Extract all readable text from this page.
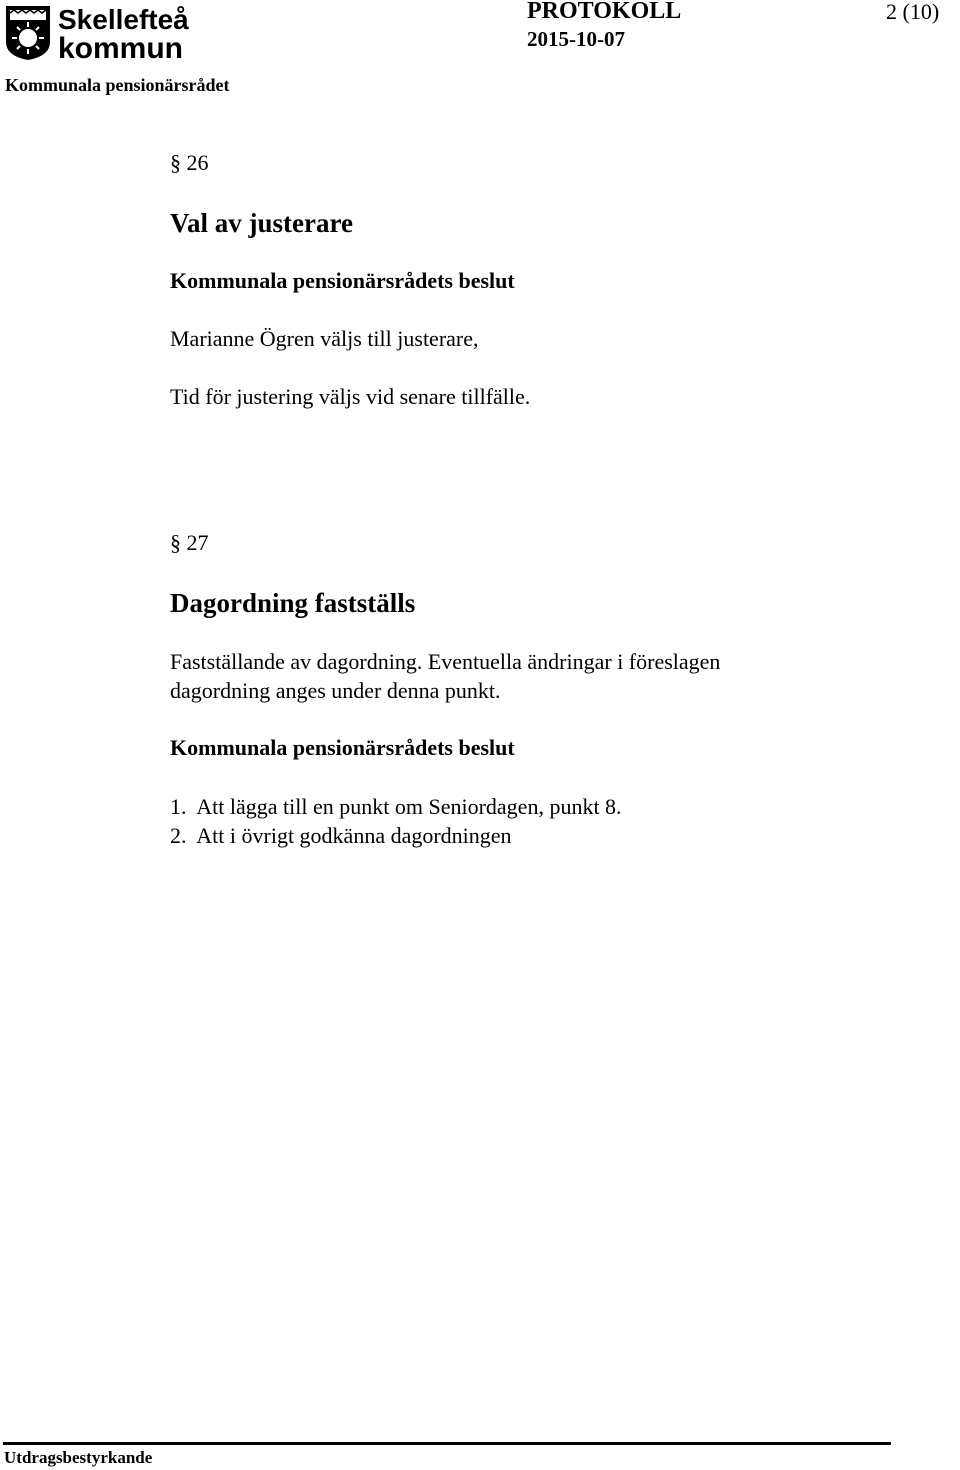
Skellefteå
kommun
Kommunala pensionärsrådet
PROTOKOLL
2015-10-07
2 (10)
§ 26
Val av justerare
Kommunala pensionärsrådets beslut
Marianne Ögren väljs till justerare,
Tid för justering väljs vid senare tillfälle.
§ 27
Dagordning fastställs
Fastställande av dagordning. Eventuella ändringar i föreslagen
dagordning anges under denna punkt.
Kommunala pensionärsrådets beslut
1.  Att lägga till en punkt om Seniordagen, punkt 8.
2.  Att i övrigt godkänna dagordningen
Utdragsbestyrkande
